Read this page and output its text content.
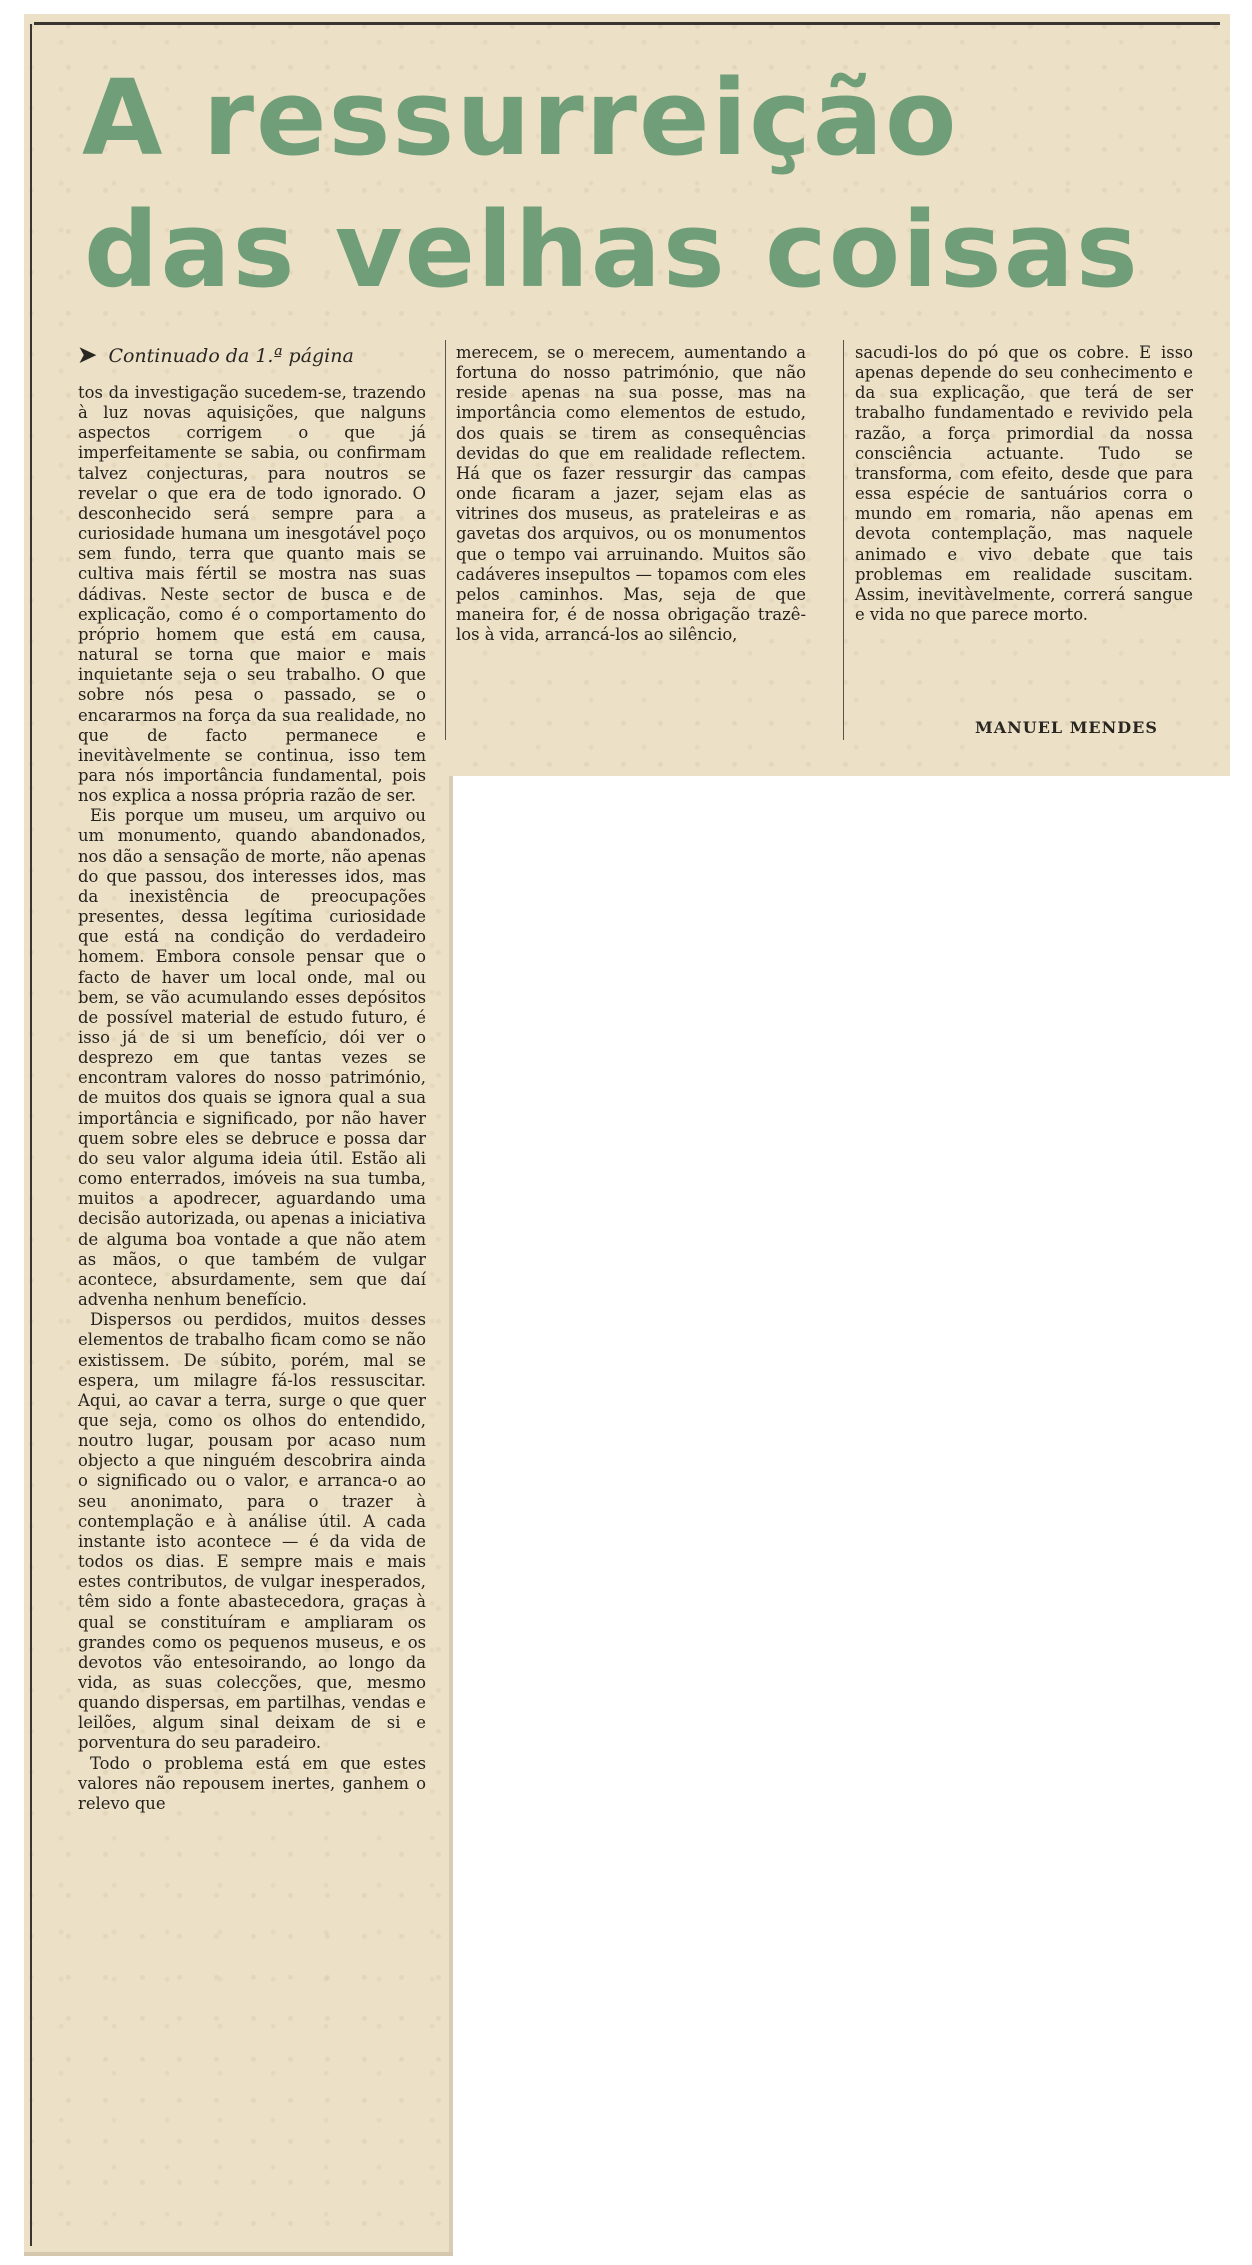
A ressurreição
das velhas coisas
➤ Continuado da 1.ª página

tos da investigação sucedem-se, trazendo à luz novas aquisições, que nalguns aspectos corrigem o que já imperfeitamente se sabia, ou confirmam talvez conjecturas, para noutros se revelar o que era de todo ignorado. O desconhecido será sempre para a curiosidade humana um inesgotável poço sem fundo, terra que quanto mais se cultiva mais fértil se mostra nas suas dádivas. Neste sector de busca e de explicação, como é o comportamento do próprio homem que está em causa, natural se torna que maior e mais inquietante seja o seu trabalho. O que sobre nós pesa o passado, se o encararmos na força da sua realidade, no que de facto permanece e inevitàvelmente se continua, isso tem para nós importância fundamental, pois nos explica a nossa própria razão de ser.

Eis porque um museu, um arquivo ou um monumento, quando abandonados, nos dão a sensação de morte, não apenas do que passou, dos interesses idos, mas da inexistência de preocupações presentes, dessa legítima curiosidade que está na condição do verdadeiro homem. Embora console pensar que o facto de haver um local onde, mal ou bem, se vão acumulando esses depósitos de possível material de estudo futuro, é isso já de si um benefício, dói ver o desprezo em que tantas vezes se encontram valores do nosso património, de muitos dos quais se ignora qual a sua importância e significado, por não haver quem sobre eles se debruce e possa dar do seu valor alguma ideia útil. Estão ali como enterrados, imóveis na sua tumba, muitos a apodrecer, aguardando uma decisão autorizada, ou apenas a iniciativa de alguma boa vontade a que não atem as mãos, o que também de vulgar acontece, absurdamente, sem que daí advenha nenhum benefício.

Dispersos ou perdidos, muitos desses elementos de trabalho ficam como se não existissem. De súbito, porém, mal se espera, um milagre fá-los ressuscitar. Aqui, ao cavar a terra, surge o que quer que seja, como os olhos do entendido, noutro lugar, pousam por acaso num objecto a que ninguém descobrira ainda o significado ou o valor, e arranca-o ao seu anonimato, para o trazer à contemplação e à análise útil. A cada instante isto acontece — é da vida de todos os dias. E sempre mais e mais estes contributos, de vulgar inesperados, têm sido a fonte abastecedora, graças à qual se constituíram e ampliaram os grandes como os pequenos museus, e os devotos vão entesoirando, ao longo da vida, as suas colecções, que, mesmo quando dispersas, em partilhas, vendas e leilões, algum sinal deixam de si e porventura do seu paradeiro.

Todo o problema está em que estes valores não repousem inertes, ganhem o relevo que

merecem, se o merecem, aumentando a fortuna do nosso património, que não reside apenas na sua posse, mas na importância como elementos de estudo, dos quais se tirem as consequências devidas do que em realidade reflectem. Há que os fazer ressurgir das campas onde ficaram a jazer, sejam elas as vitrines dos museus, as prateleiras e as gavetas dos arquivos, ou os monumentos que o tempo vai arruinando. Muitos são cadáveres insepultos — topamos com eles pelos caminhos. Mas, seja de que maneira for, é de nossa obrigação trazê-los à vida, arrancá-los ao silêncio,

sacudi-los do pó que os cobre. E isso apenas depende do seu conhecimento e da sua explicação, que terá de ser trabalho fundamentado e revivido pela razão, a força primordial da nossa consciência actuante. Tudo se transforma, com efeito, desde que para essa espécie de santuários corra o mundo em romaria, não apenas em devota contemplação, mas naquele animado e vivo debate que tais problemas em realidade suscitam. Assim, inevitàvelmente, correrá sangue e vida no que parece morto.

MANUEL MENDES
